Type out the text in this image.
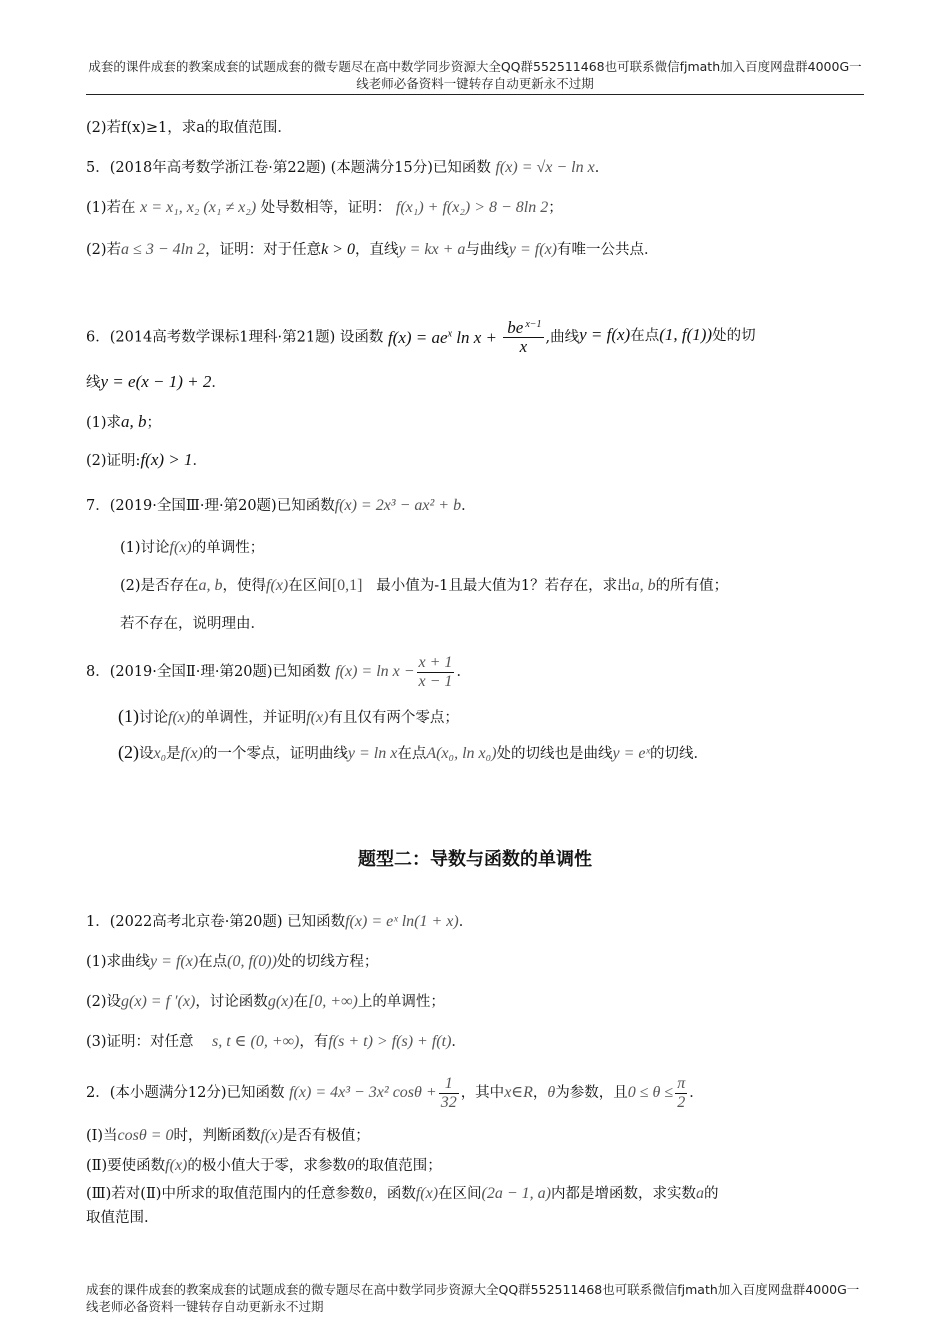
成套的课件成套的教案成套的试题成套的微专题尽在高中数学同步资源大全QQ群552511468也可联系微信fjmath加入百度网盘群4000G一线老师必备资料一键转存自动更新永不过期
(2)若f(x)≥1，求a的取值范围．
5．(2018年高考数学浙江卷·第22题) (本题满分15分)已知函数 f(x) = √x − ln x．
(1)若在 x = x₁, x₂ (x₁ ≠ x₂) 处导数相等，证明： f(x₁) + f(x₂) > 8 − 8ln 2；
(2)若a ≤ 3 − 4ln 2，证明：对于任意k > 0，直线y = kx + a与曲线y = f(x)有唯一公共点．
6．(2014高考数学课标1理科·第21题) 设函数 $f(x) = ae^x$ $\ln x + \frac{be ^{x-1}}{x}$ ,曲线y = f(x)在点(1, f(1))处的切
线y = e(x − 1) + 2．
(1)求a, b；
(2)证明:f(x) > 1．
7．(2019·全国Ⅲ·理·第20题)已知函数f(x) = 2x³ − ax² + b．
(1)讨论f(x)的单调性；
(2)是否存在a, b，使得f(x)在区间[0,1] 最小值为-1且最大值为1？若存在，求出a, b的所有值；
若不存在，说明理由．
8．(2019·全国Ⅱ·理·第20题)已知函数 $f(x) = \ln x - \frac{x + 1}{x - 1}$ ．
(1)讨论f(x)的单调性，并证明f(x)有且仅有两个零点；
(2)设x₀是f(x)的一个零点，证明曲线y = ln x在点A(x₀, ln x₀)处的切线也是曲线y = eˣ的切线．
题型二：导数与函数的单调性
1．(2022高考北京卷·第20题) 已知函数f(x) = eˣ ln(1 + x)．
(1)求曲线y = f(x)在点(0, f(0))处的切线方程；
(2)设g(x) = f ′(x)，讨论函数g(x)在[0, +∞)上的单调性；
(3)证明：对任意 s, t ∈ (0, +∞)，有f(s + t) > f(s) + f(t)．
2．(本小题满分12分)已知函数 f(x) = 4x³ − 3x² $\cos\theta + \frac{1}{32}$ ，其中x∈R，θ为参数，且$0 \le \theta \le \frac{\pi}{2}$ ．
(Ⅰ)当cosθ = 0时，判断函数f(x)是否有极值；
(Ⅱ)要使函数f(x)的极小值大于零，求参数θ的取值范围；
(Ⅲ)若对(Ⅱ)中所求的取值范围内的任意参数θ，函数f(x)在区间(2a − 1, a)内都是增函数，求实数a的
取值范围.
成套的课件成套的教案成套的试题成套的微专题尽在高中数学同步资源大全QQ群552511468也可联系微信fjmath加入百度网盘群4000G一线老师必备资料一键转存自动更新永不过期
